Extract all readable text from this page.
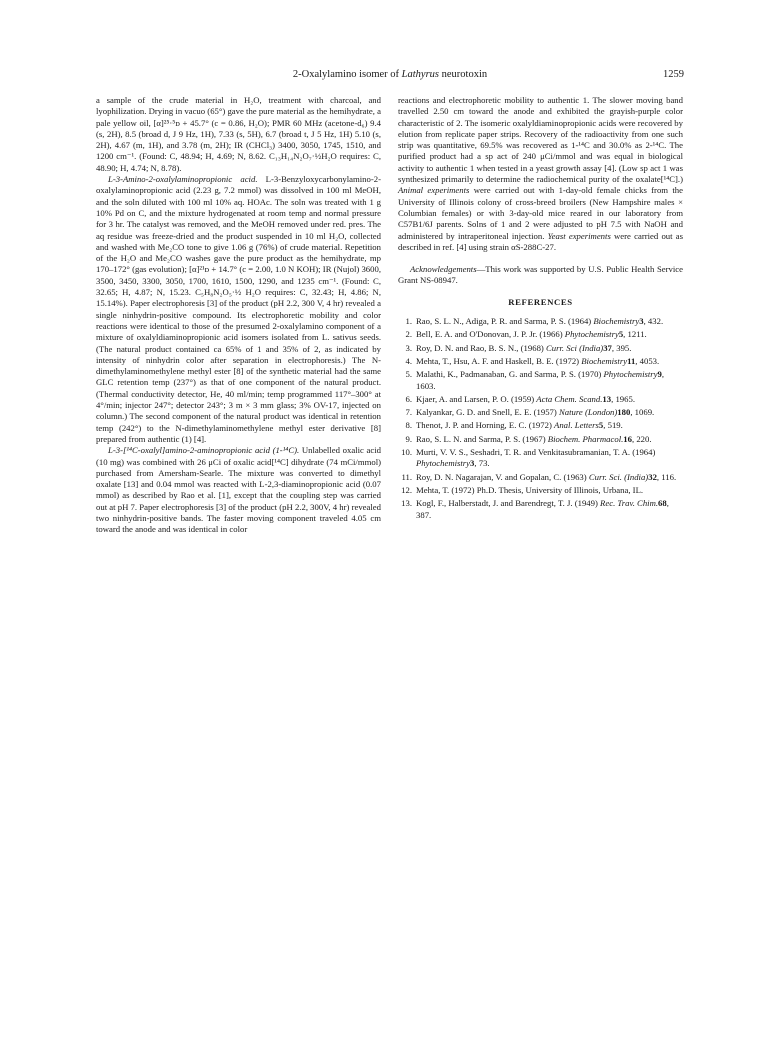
2-Oxalylamino isomer of Lathyrus neurotoxin	1259

a sample of the crude material in H₂O, treatment with charcoal, and lyophilization. Drying in vacuo (65°) gave the pure material as the hemihydrate, a pale yellow oil, [α]²⁵·⁵ᴅ + 45.7° (c = 0.86, H₂O); PMR 60 MHz (acetone-d₆) 9.4 (s, 2H), 8.5 (broad d, J 9 Hz, 1H), 7.33 (s, 5H), 6.7 (broad t, J 5 Hz, 1H) 5.10 (s, 2H), 4.67 (m, 1H), and 3.78 (m, 2H); IR (CHCl₃) 3400, 3050, 1745, 1510, and 1200 cm⁻¹. (Found: C, 48.94; H, 4.69; N, 8.62. C₁₃H₁₄N₂O₇·½H₂O requires: C, 48.90; H, 4.74; N, 8.78).

L-3-Amino-2-oxalylaminopropionic acid. L-3-Benzyloxycarbonylamino-2-oxalylaminopropionic acid (2.23 g, 7.2 mmol) was dissolved in 100 ml MeOH, and the soln diluted with 100 ml 10% aq. HOAc. The soln was treated with 1 g 10% Pd on C, and the mixture hydrogenated at room temp and normal pressure for 3 hr. The catalyst was removed, and the MeOH removed under red. pres. The aq residue was freeze-dried and the product suspended in 10 ml H₂O, collected and washed with Me₂CO tone to give 1.06 g (76%) of crude material. Repetition of the H₂O and Me₂CO washes gave the pure product as the hemihydrate, mp 170–172° (gas evolution); [α]²¹ᴅ + 14.7° (c = 2.00, 1.0 N KOH); IR (Nujol) 3600, 3500, 3450, 3300, 3050, 1700, 1610, 1500, 1290, and 1235 cm⁻¹. (Found: C, 32.65; H, 4.87; N, 15.23. C₅H₈N₂O₅·½ H₂O requires: C, 32.43; H, 4.86; N, 15.14%). Paper electrophoresis [3] of the product (pH 2.2, 300 V, 4 hr) revealed a single ninhydrin-positive compound. Its electrophoretic mobility and color reactions were identical to those of the presumed 2-oxalylamino component of a mixture of oxalyldiaminopropionic acid isomers isolated from L. sativus seeds. (The natural product contained ca 65% of 1 and 35% of 2, as indicated by intensity of ninhydrin color after separation in electrophoresis.) The N-dimethylaminomethylene methyl ester [8] of the synthetic material had the same GLC retention temp (237°) as that of one component of the natural product. (Thermal conductivity detector, He, 40 ml/min; temp programmed 117°–300° at 4°/min; injector 247°; detector 243°; 3 m × 3 mm glass; 3% OV-17, injected on column.) The second component of the natural product was identical in retention temp (242°) to the N-dimethylaminomethylene methyl ester derivative [8] prepared from authentic (1) [4].

L-3-[¹⁴C-oxalyl]amino-2-aminopropionic acid (1-¹⁴C). Unlabelled oxalic acid (10 mg) was combined with 26 μCi of oxalic acid[¹⁴C] dihydrate (74 mCi/mmol) purchased from Amersham-Searle. The mixture was converted to dimethyl oxalate [13] and 0.04 mmol was reacted with L-2,3-diaminopropionic acid (0.07 mmol) as described by Rao et al. [1], except that the coupling step was carried out at pH 7. Paper electrophoresis [3] of the product (pH 2.2, 300V, 4 hr) revealed two ninhydrin-positive bands. The faster moving component traveled 4.05 cm toward the anode and was identical in color

reactions and electrophoretic mobility to authentic 1. The slower moving band travelled 2.50 cm toward the anode and exhibited the grayish-purple color characteristic of 2. The isomeric oxalyldiaminopropionic acids were recovered by elution from replicate paper strips. Recovery of the radioactivity from one such strip was quantitative, 69.5% was recovered as 1-¹⁴C and 30.0% as 2-¹⁴C. The purified product had a sp act of 240 μCi/mmol and was equal in biological activity to authentic 1 when tested in a yeast growth assay [4]. (Low sp act 1 was synthesized primarily to determine the radiochemical purity of the oxalate[¹⁴C].) Animal experiments were carried out with 1-day-old female chicks from the University of Illinois colony of cross-breed broilers (New Hampshire males × Columbian females) or with 3-day-old mice reared in our laboratory from C57B1/6J parents. Solns of 1 and 2 were adjusted to pH 7.5 with NaOH and administered by intraperitoneal injection. Yeast experiments were carried out as described in ref. [4] using strain αS-288C-27.

Acknowledgements—This work was supported by U.S. Public Health Service Grant NS-08947.

REFERENCES
1. Rao, S. L. N., Adiga, P. R. and Sarma, P. S. (1964) Biochemistry3, 432.
2. Bell, E. A. and O'Donovan, J. P. Jr. (1966) Phytochemistry5, 1211.
3. Roy, D. N. and Rao, B. S. N., (1968) Curr. Sci (India)37, 395.
4. Mehta, T., Hsu, A. F. and Haskell, B. E. (1972) Biochemistry11, 4053.
5. Malathi, K., Padmanaban, G. and Sarma, P. S. (1970) Phytochemistry9, 1603.
6. Kjaer, A. and Larsen, P. O. (1959) Acta Chem. Scand.13, 1965.
7. Kalyankar, G. D. and Snell, E. E. (1957) Nature (London)180, 1069.
8. Thenot, J. P. and Horning, E. C. (1972) Anal. Letters5, 519.
9. Rao, S. L. N. and Sarma, P. S. (1967) Biochem. Pharmacol.16, 220.
10. Murti, V. V. S., Seshadri, T. R. and Venkitasubramanian, T. A. (1964) Phytochemistry3, 73.
11. Roy, D. N. Nagarajan, V. and Gopalan, C. (1963) Curr. Sci. (India)32, 116.
12. Mehta, T. (1972) Ph.D. Thesis, University of Illinois, Urbana, IL.
13. Kogl, F., Halberstadt, J. and Barendregt, T. J. (1949) Rec. Trav. Chim.68, 387.
